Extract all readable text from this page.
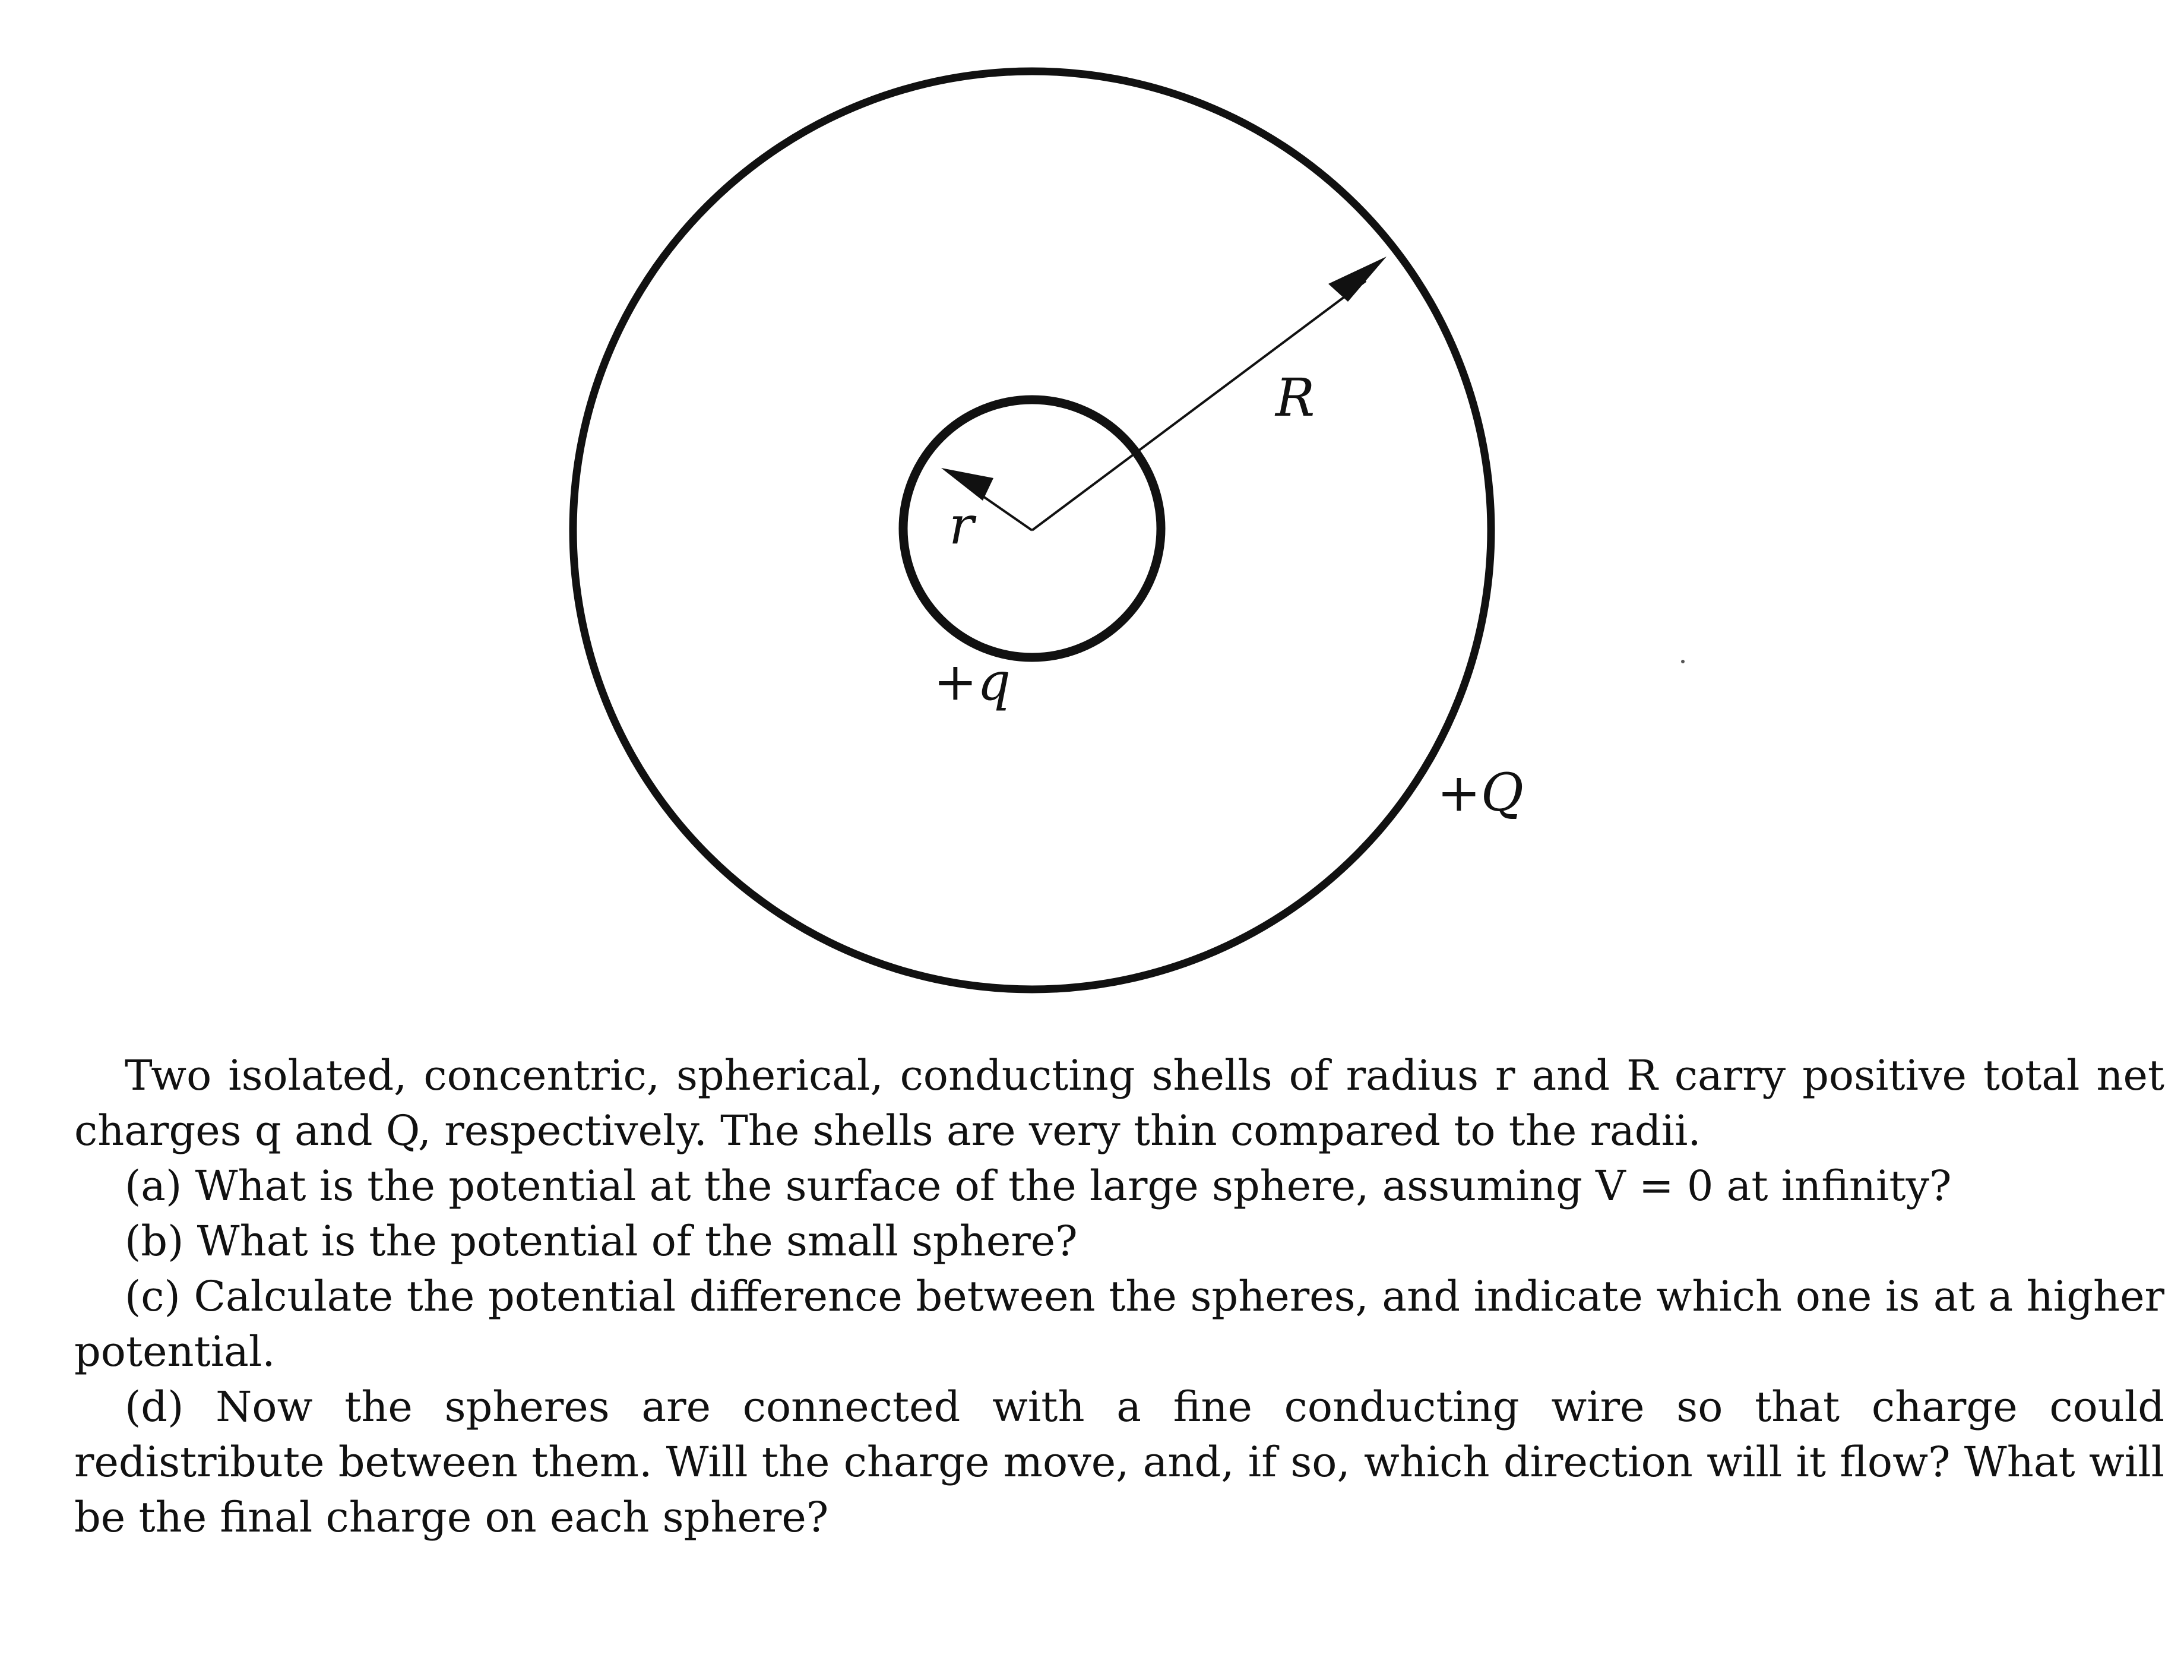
R
r
+q
+Q

Two isolated, concentric, spherical, conducting shells of radius r and R carry positive total net charges q and Q, respectively. The shells are very thin compared to the radii.

(a) What is the potential at the surface of the large sphere, assuming V = 0 at infinity?

(b) What is the potential of the small sphere?

(c) Calculate the potential difference between the spheres, and indicate which one is at a higher potential.

(d) Now the spheres are connected with a fine conducting wire so that charge could redistribute between them. Will the charge move, and, if so, which direction will it flow? What will be the final charge on each sphere?
